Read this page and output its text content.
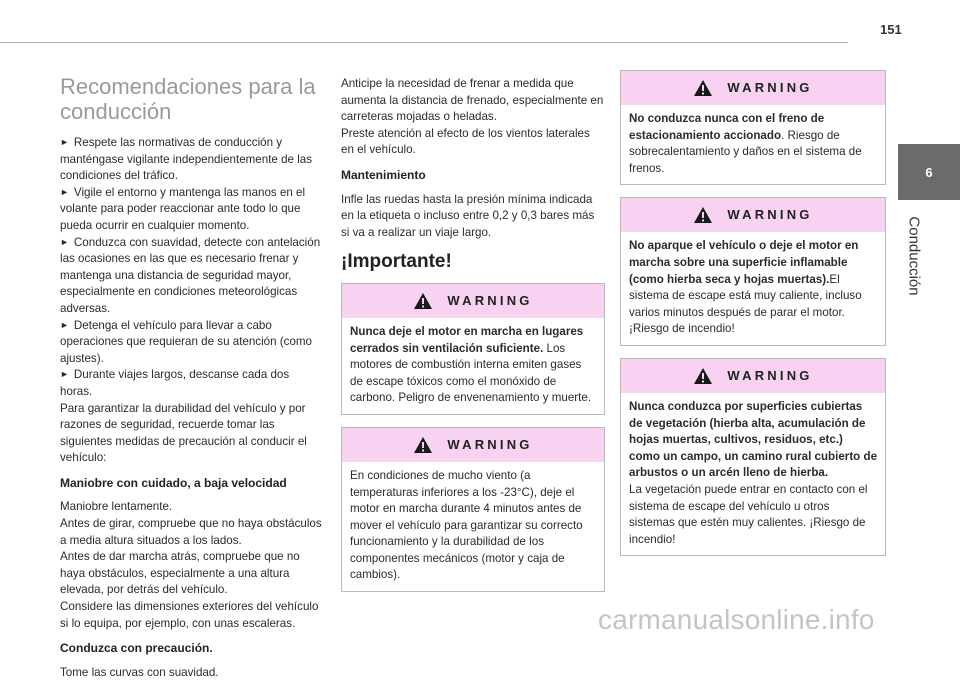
151
6
Conducción
Recomendaciones para la conducción
► Respete las normativas de conducción y manténgase vigilante independientemente de las condiciones del tráfico.
► Vigile el entorno y mantenga las manos en el volante para poder reaccionar ante todo lo que pueda ocurrir en cualquier momento.
► Conduzca con suavidad, detecte con antelación las ocasiones en las que es necesario frenar y mantenga una distancia de seguridad mayor, especialmente en condiciones meteorológicas adversas.
► Detenga el vehículo para llevar a cabo operaciones que requieran de su atención (como ajustes).
► Durante viajes largos, descanse cada dos horas.

Para garantizar la durabilidad del vehículo y por razones de seguridad, recuerde tomar las siguientes medidas de precaución al conducir el vehículo:

Maniobre con cuidado, a baja velocidad

Maniobre lentamente.

Antes de girar, compruebe que no haya obstáculos a media altura situados a los lados.

Antes de dar marcha atrás, compruebe que no haya obstáculos, especialmente a una altura elevada, por detrás del vehículo.

Considere las dimensiones exteriores del vehículo si lo equipa, por ejemplo, con unas escaleras.

Conduzca con precaución.

Tome las curvas con suavidad.

Anticipe la necesidad de frenar a medida que aumenta la distancia de frenado, especialmente en carreteras mojadas o heladas.

Preste atención al efecto de los vientos laterales en el vehículo.

Mantenimiento

Infle las ruedas hasta la presión mínima indicada en la etiqueta o incluso entre 0,2 y 0,3 bares más si va a realizar un viaje largo.

¡Importante!
WARNING
Nunca deje el motor en marcha en lugares cerrados sin ventilación suficiente. Los motores de combustión interna emiten gases de escape tóxicos como el monóxido de carbono. Peligro de envenenamiento y muerte.
WARNING
En condiciones de mucho viento (a temperaturas inferiores a los -23°C), deje el motor en marcha durante 4 minutos antes de mover el vehículo para garantizar su correcto funcionamiento y la durabilidad de los componentes mecánicos (motor y caja de cambios).
WARNING
No conduzca nunca con el freno de estacionamiento accionado. Riesgo de sobrecalentamiento y daños en el sistema de frenos.
WARNING
No aparque el vehículo o deje el motor en marcha sobre una superficie inflamable (como hierba seca y hojas muertas).El sistema de escape está muy caliente, incluso varios minutos después de parar el motor. ¡Riesgo de incendio!
WARNING
Nunca conduzca por superficies cubiertas de vegetación (hierba alta, acumulación de hojas muertas, cultivos, residuos, etc.) como un campo, un camino rural cubierto de arbustos o un arcén lleno de hierba.
La vegetación puede entrar en contacto con el sistema de escape del vehículo u otros sistemas que estén muy calientes. ¡Riesgo de incendio!
carmanualsonline.info
